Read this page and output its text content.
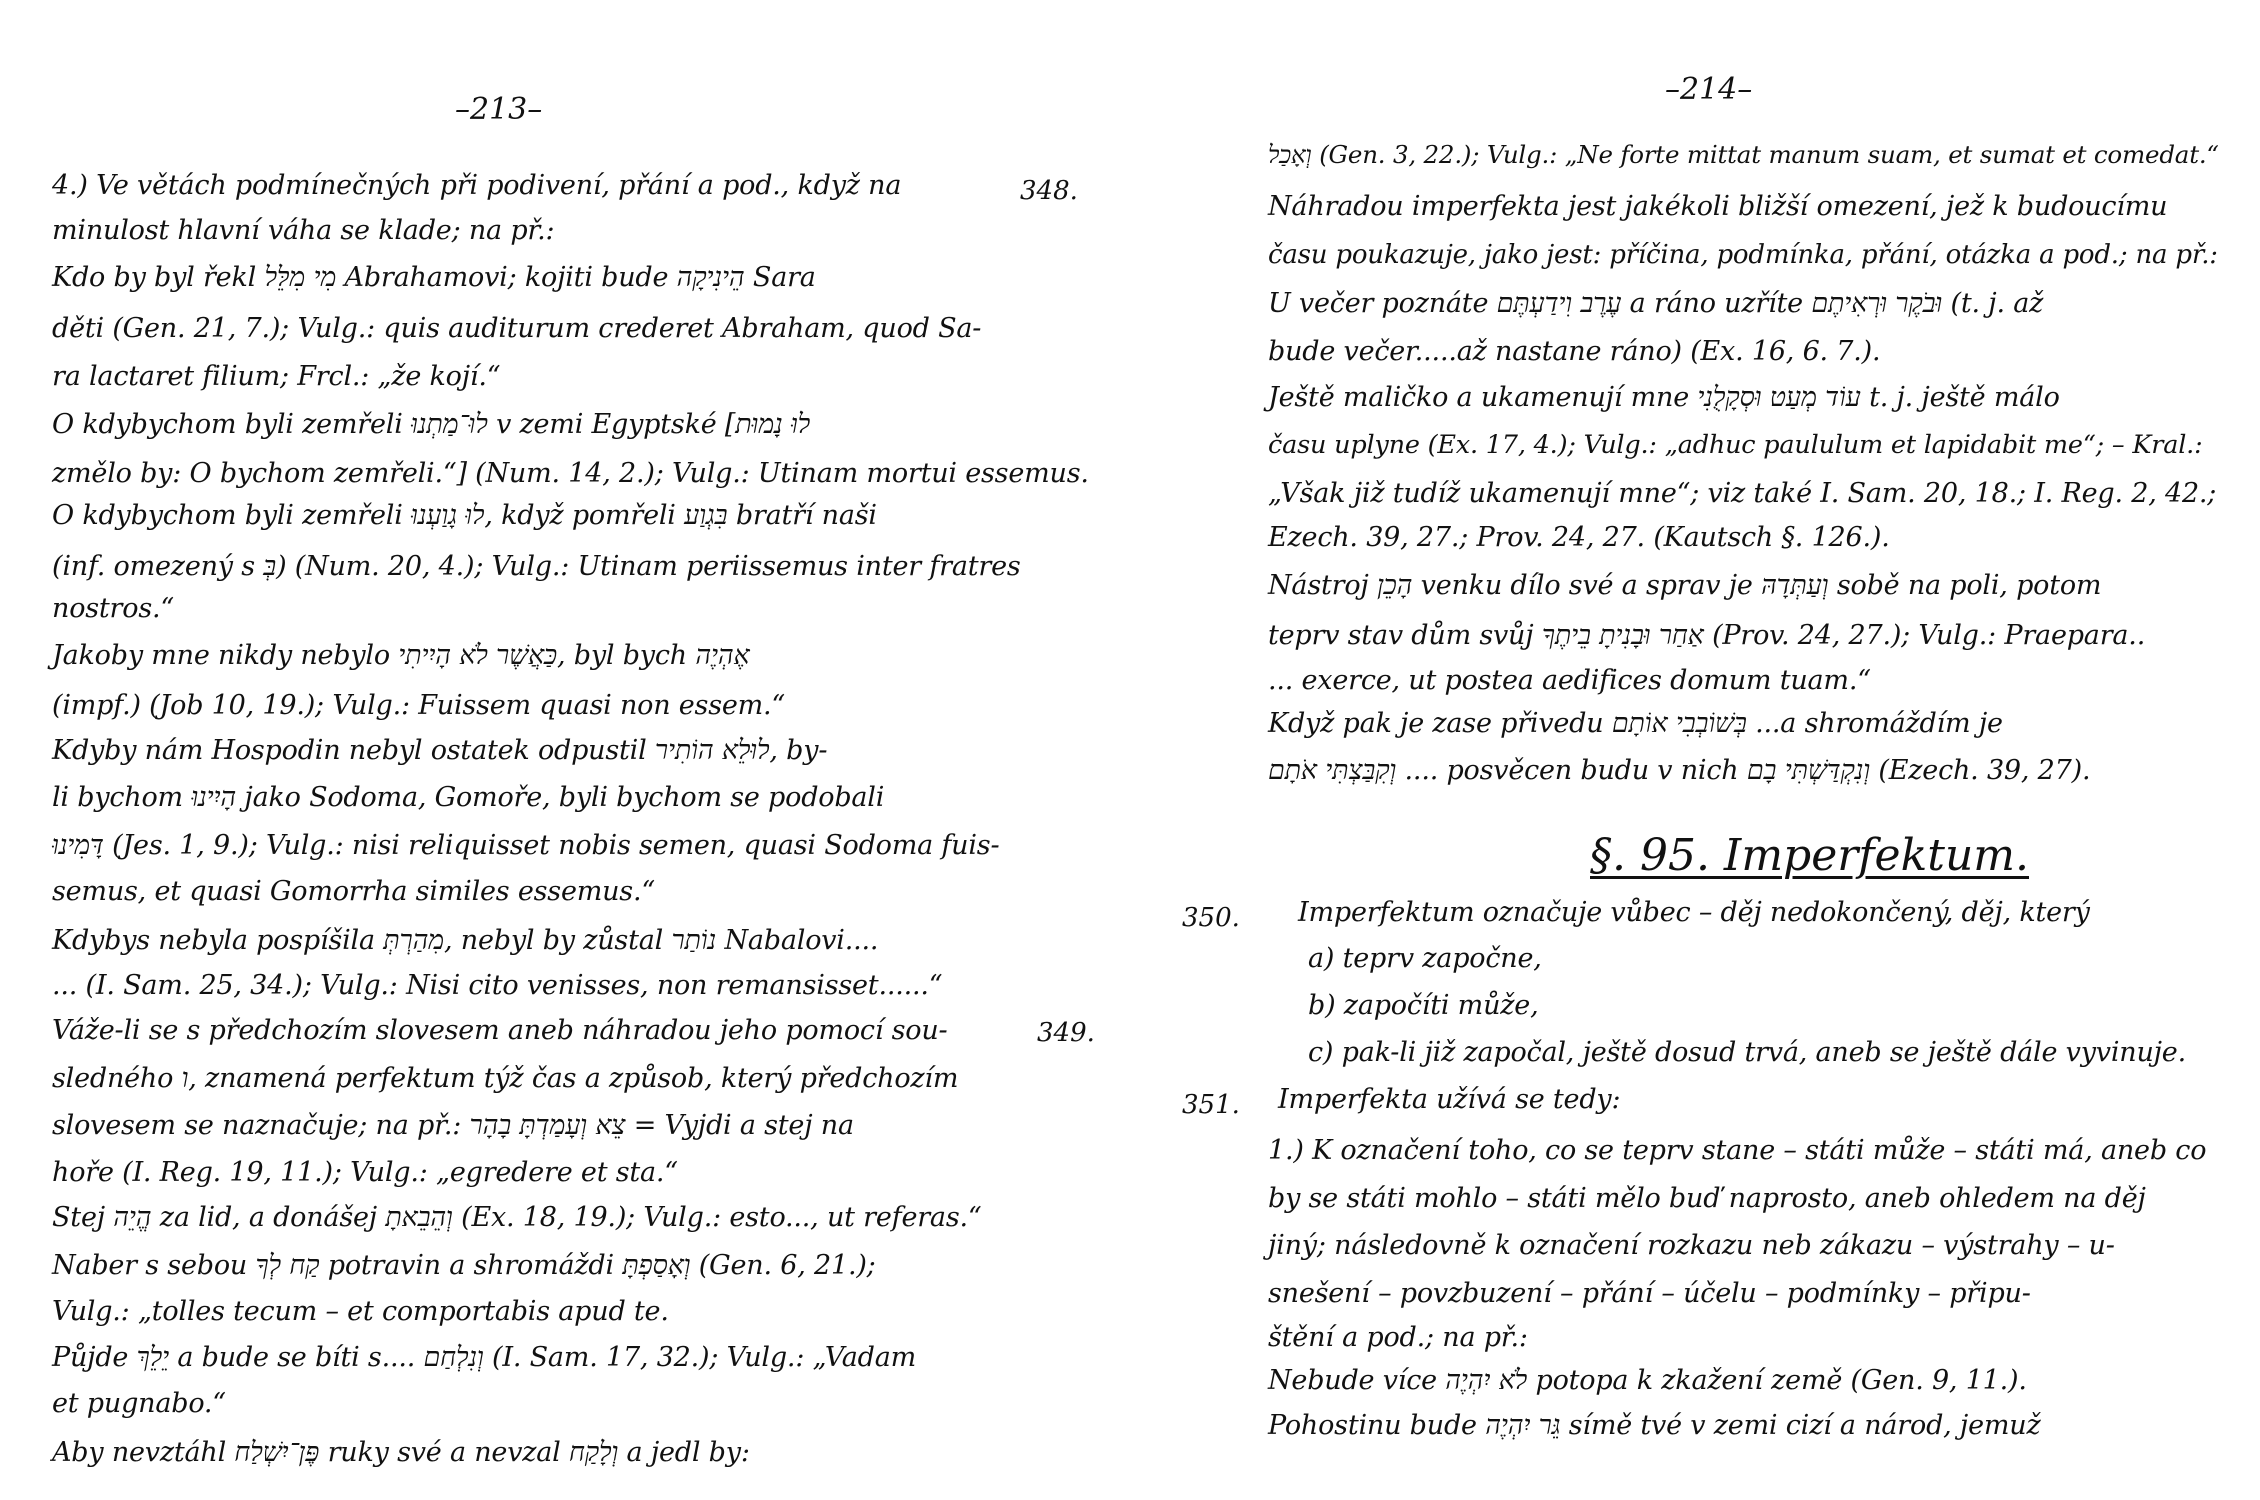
–213–
348.
349.
4.) Ve větách podmínečných při podivení, přání a pod., když na
minulost hlavní váha se klade; na př.:
Kdo by byl řekl מִי מִלֵּל Abrahamovi; kojiti bude הֵינִיקָה Sara
děti (Gen. 21, 7.); Vulg.: quis auditurum crederet Abraham, quod Sa-
ra lactaret filium; Frcl.: „že kojí.“
O kdybychom byli zemřeli לוּ־מַתְנוּ v zemi Egyptské [לוּ נָמוּת
změlo by: O bychom zemřeli.“] (Num. 14, 2.); Vulg.: Utinam mortui essemus.
O kdybychom byli zemřeli לוּ גָוַעְנוּ, když pomřeli בִּגְוַע bratří naši
(inf. omezený s בְּ) (Num. 20, 4.); Vulg.: Utinam periissemus inter fratres
nostros.“
Jakoby mne nikdy nebylo כַּאֲשֶׁר לֹא הָיִיתִי, byl bych אֶהְיֶה
(impf.) (Job 10, 19.); Vulg.: Fuissem quasi non essem.“
Kdyby nám Hospodin nebyl ostatek odpustil לוּלֵא הוֹתִיר, by-
li bychom הָיִינוּ jako Sodoma, Gomoře, byli bychom se podobali
דָּמִינוּ (Jes. 1, 9.); Vulg.: nisi reliquisset nobis semen, quasi Sodoma fuis-
semus, et quasi Gomorrha similes essemus.“
Kdybys nebyla pospíšila מִהַרְתְּ, nebyl by zůstal נוֹתַר Nabalovi....
... (I. Sam. 25, 34.); Vulg.: Nisi cito venisses, non remansisset......“
Váže-li se s předchozím slovesem aneb náhradou jeho pomocí sou-
sledného ו, znamená perfektum týž čas a způsob, který předchozím
slovesem se naznačuje; na př.: צֵא וְעָמַדְתָּ בָהָר = Vyjdi a stej na
hoře (I. Reg. 19, 11.); Vulg.: „egredere et sta.“
Stej הֱיֵה za lid, a donášej וְהֵבֵאתָ (Ex. 18, 19.); Vulg.: esto..., ut referas.“
Naber s sebou קַח לְךָ potravin a shromáždi וְאָסַפְתָּ (Gen. 6, 21.);
Vulg.: „tolles tecum – et comportabis apud te.
Půjde יֵלֵךְ a bude se bíti s.... וְנִלְחַם (I. Sam. 17, 32.); Vulg.: „Vadam
et pugnabo.“
Aby nevztáhl פֶּן־יִשְׁלַח ruky své a nevzal וְלָקַח a jedl by:
–214–
וְאָכַל (Gen. 3, 22.); Vulg.: „Ne forte mittat manum suam, et sumat et comedat.“
Náhradou imperfekta jest jakékoli bližší omezení, jež k budoucímu
času poukazuje, jako jest: příčina, podmínka, přání, otázka a pod.; na př.:
U večer poznáte עֶרֶב וִידַעְתֶּם a ráno uzříte וּבֹקֶר וּרְאִיתֶם (t. j. až
bude večer.....až nastane ráno) (Ex. 16, 6. 7.).
Ještě maličko a ukamenují mne עוֹד מְעַט וּסְקָלֻנִי t. j. ještě málo
času uplyne (Ex. 17, 4.); Vulg.: „adhuc paululum et lapidabit me“; – Kral.:
„Však již tudíž ukamenují mne“; viz také I. Sam. 20, 18.; I. Reg. 2, 42.;
Ezech. 39, 27.; Prov. 24, 27. (Kautsch §. 126.).
Nástroj הָכֵן venku dílo své a sprav je וְעַתְּדָהּ sobě na poli, potom
teprv stav dům svůj אַחַר וּבָנִיתָ בֵיתֶךָ (Prov. 24, 27.); Vulg.: Praepara..
... exerce, ut postea aedifices domum tuam.“
Když pak je zase přivedu בְּשׁוֹבְבִי אוֹתָם ...a shromáždím je
וְקִבַּצְתִּי אֹתָם .... posvěcen budu v nich וְנִקְדַּשְׁתִּי בָם (Ezech. 39, 27).
§. 95. Imperfektum.
350.
351.
Imperfektum označuje vůbec – děj nedokončený, děj, který
a) teprv započne,
b) započíti může,
c) pak-li již započal, ještě dosud trvá, aneb se ještě dále vyvinuje.
Imperfekta užívá se tedy:
1.) K označení toho, co se teprv stane – státi může – státi má, aneb co
by se státi mohlo – státi mělo buď naprosto, aneb ohledem na děj
jiný; následovně k označení rozkazu neb zákazu – výstrahy – u-
snešení – povzbuzení – přání – účelu – podmínky – připu-
štění a pod.; na př.:
Nebude více לֹא יִהְיֶה potopa k zkažení země (Gen. 9, 11.).
Pohostinu bude גֵּר יִהְיֶה símě tvé v zemi cizí a národ, jemuž
